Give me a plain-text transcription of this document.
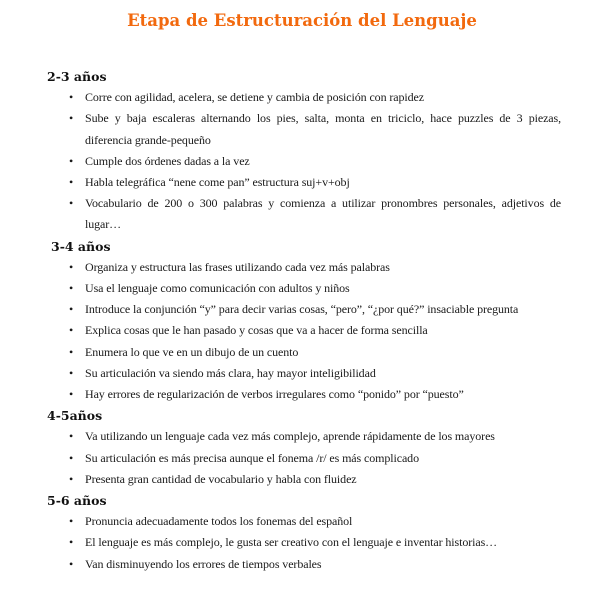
Etapa de Estructuración del Lenguaje
2-3 años
• Corre con agilidad, acelera, se detiene y cambia de posición con rapidez
• Sube y baja escaleras alternando los pies, salta, monta en triciclo, hace puzzles de 3 piezas, diferencia grande-pequeño
• Cumple dos órdenes dadas a la vez
• Habla telegráfica “nene come pan” estructura suj+v+obj
• Vocabulario de 200 o 300 palabras y comienza a utilizar pronombres personales, adjetivos de lugar…
3-4 años
• Organiza y estructura las frases utilizando cada vez más palabras
• Usa el lenguaje como comunicación con adultos y niños
• Introduce la conjunción “y” para decir varias cosas, “pero”, “¿por qué?” insaciable pregunta
• Explica cosas que le han pasado y cosas que va a hacer de forma sencilla
• Enumera lo que ve en un dibujo de un cuento
• Su articulación va siendo más clara, hay mayor inteligibilidad
• Hay errores de regularización de verbos irregulares como “ponido” por “puesto”
4-5años
• Va utilizando un lenguaje cada vez más complejo, aprende rápidamente de los mayores
• Su articulación es más precisa aunque el fonema /r/ es más complicado
• Presenta gran cantidad de vocabulario y habla con fluidez
5-6 años
• Pronuncia adecuadamente todos los fonemas del español
• El lenguaje es más complejo, le gusta ser creativo con el lenguaje e inventar historias…
• Van disminuyendo los errores de tiempos verbales
